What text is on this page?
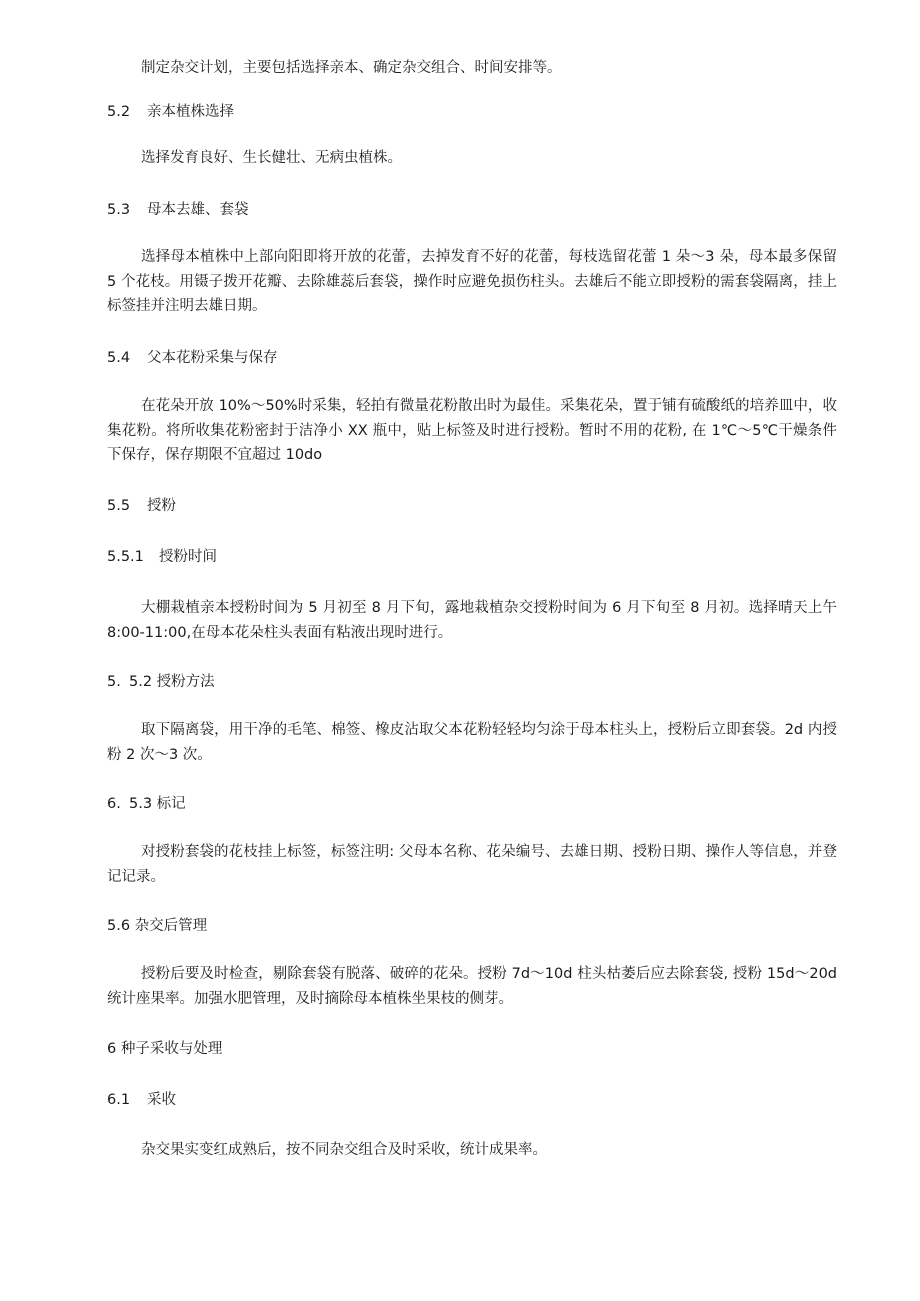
制定杂交计划，主要包括选择亲本、确定杂交组合、时间安排等。

5.2 亲本植株选择

选择发育良好、生长健壮、无病虫植株。

5.3 母本去雄、套袋

选择母本植株中上部向阳即将开放的花蕾，去掉发育不好的花蕾，每枝选留花蕾 1 朵～3 朵，母本最多保留 5 个花枝。用镊子拨开花瓣、去除雄蕊后套袋，操作时应避免损伤柱头。去雄后不能立即授粉的需套袋隔离，挂上标签挂并注明去雄日期。

5.4 父本花粉采集与保存

在花朵开放 10%～50%时采集，轻拍有微量花粉散出时为最佳。采集花朵，置于铺有硫酸纸的培养皿中，收集花粉。将所收集花粉密封于洁净小 XX 瓶中，贴上标签及时进行授粉。暂时不用的花粉, 在 1℃～5℃干燥条件下保存，保存期限不宜超过 10do

5.5 授粉
5.5.1 授粉时间

大棚栽植亲本授粉时间为 5 月初至 8 月下旬，露地栽植杂交授粉时间为 6 月下旬至 8 月初。选择晴天上午 8:00-11:00,在母本花朵柱头表面有粘液出现时进行。

5. 5.2 授粉方法

取下隔离袋，用干净的毛笔、棉签、橡皮沾取父本花粉轻轻均匀涂于母本柱头上，授粉后立即套袋。2d 内授粉 2 次～3 次。

6. 5.3 标记

对授粉套袋的花枝挂上标签，标签注明: 父母本名称、花朵编号、去雄日期、授粉日期、操作人等信息，并登记记录。

5.6 杂交后管理

授粉后要及时检查，剔除套袋有脱落、破碎的花朵。授粉 7d～10d 柱头枯萎后应去除套袋, 授粉 15d～20d 统计座果率。加强水肥管理，及时摘除母本植株坐果枝的侧芽。

6 种子采收与处理
6.1 采收

杂交果实变红成熟后，按不同杂交组合及时采收，统计成果率。
